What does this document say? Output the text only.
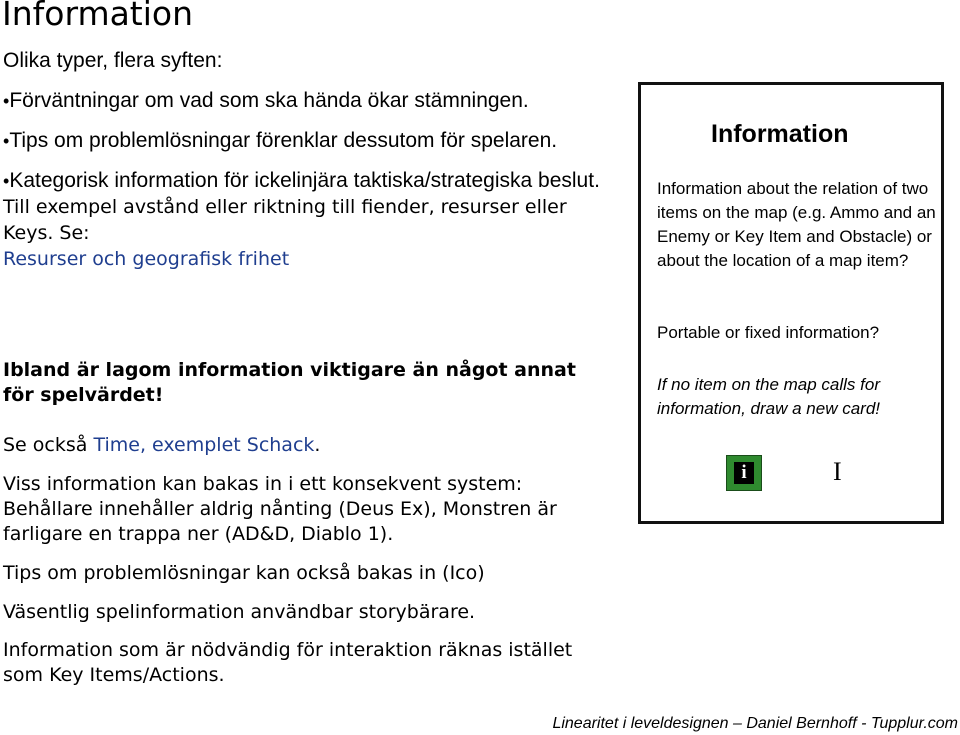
Information
Olika typer, flera syften:
•Förväntningar om vad som ska hända ökar stämningen.
•Tips om problemlösningar förenklar dessutom för spelaren.
•Kategorisk information för ickelinjära taktiska/strategiska beslut. Till exempel avstånd eller riktning till fiender, resurser eller Keys. Se:
Resurser och geografisk frihet
Ibland är lagom information viktigare än något annat för spelvärdet!
Se också Time, exemplet Schack.
Viss information kan bakas in i ett konsekvent system: Behållare innehåller aldrig nånting (Deus Ex), Monstren är farligare en trappa ner (AD&D, Diablo 1).
Tips om problemlösningar kan också bakas in (Ico)
Väsentlig spelinformation användbar storybärare.
Information som är nödvändig för interaktion räknas istället som Key Items/Actions.
Information
Information about the relation of two items on the map (e.g. Ammo and an Enemy or Key Item and Obstacle) or about the location of a map item?
Portable or fixed information?
If no item on the map calls for information, draw a new card!
i	I
Linearitet i leveldesignen – Daniel Bernhoff - Tupplur.com
